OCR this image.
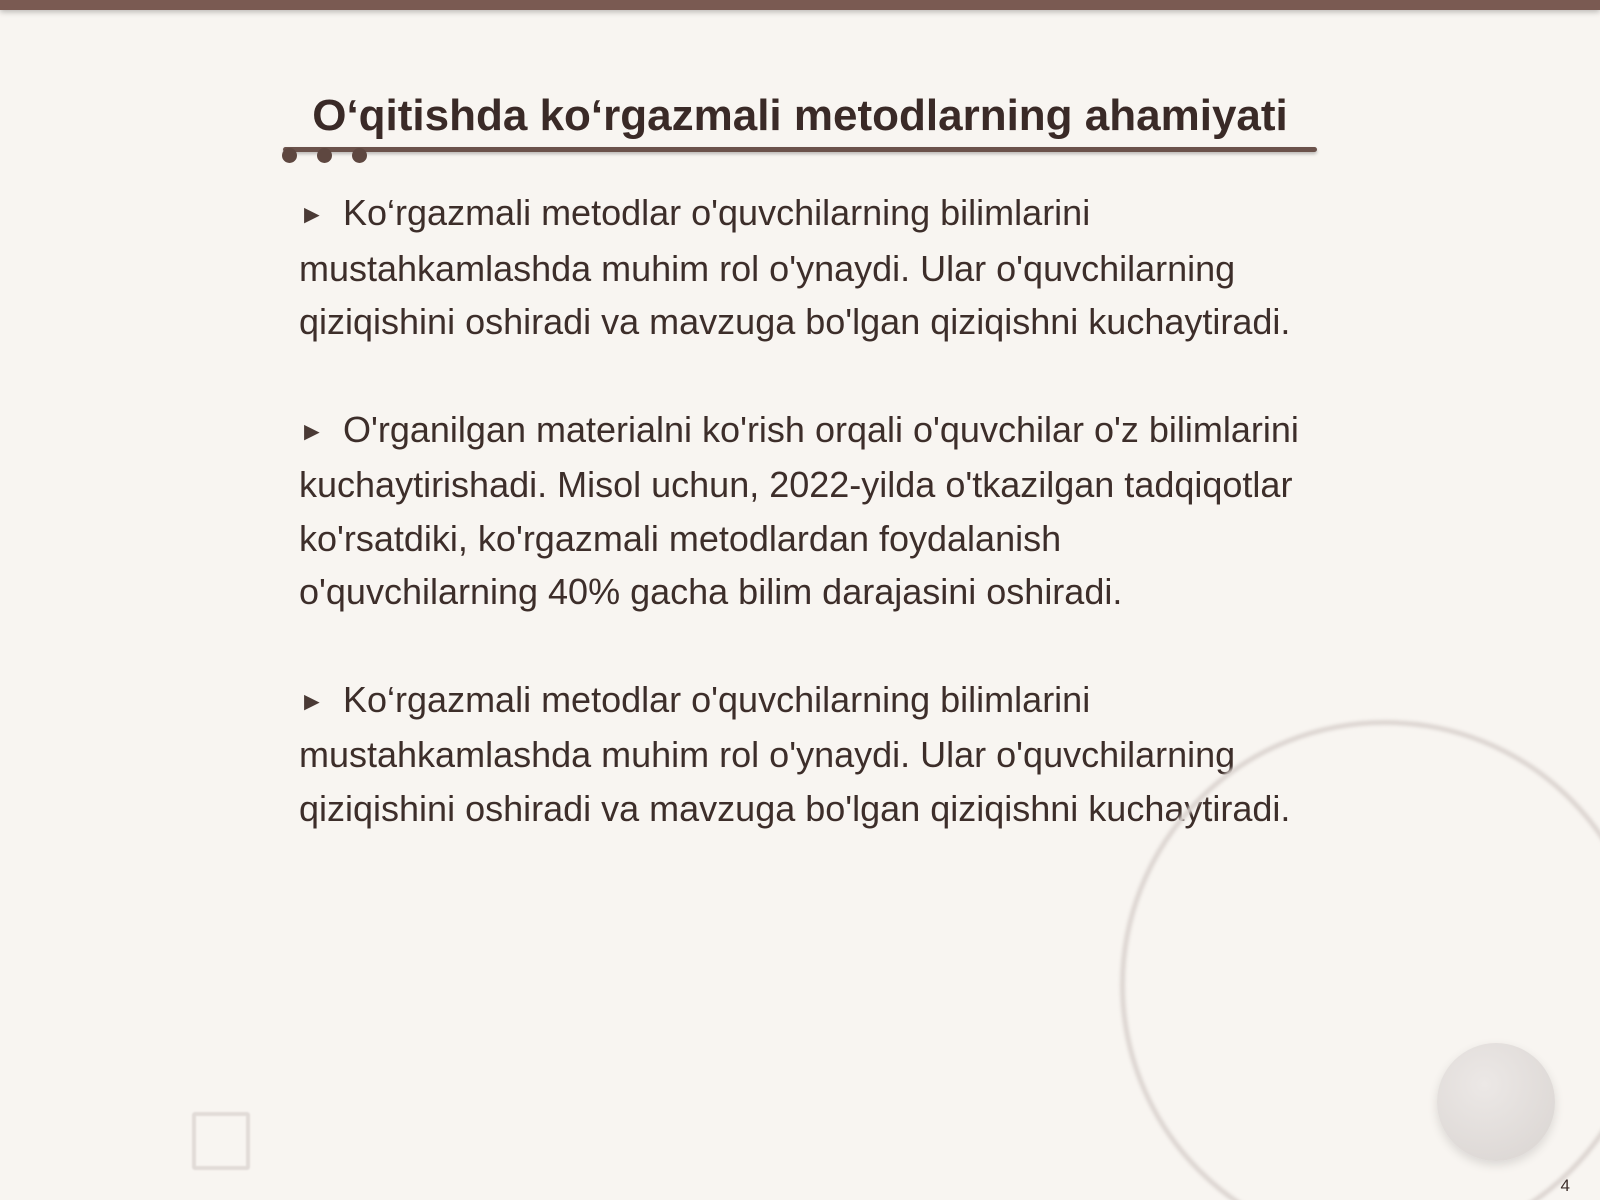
O‘qitishda ko‘rgazmali metodlarning ahamiyati

► Ko‘rgazmali metodlar o'quvchilarning bilimlarini mustahkamlashda muhim rol o'ynaydi. Ular o'quvchilarning qiziqishini oshiradi va mavzuga bo'lgan qiziqishni kuchaytiradi.

► O'rganilgan materialni ko'rish orqali o'quvchilar o'z bilimlarini kuchaytirishadi. Misol uchun, 2022-yilda o'tkazilgan tadqiqotlar ko'rsatdiki, ko'rgazmali metodlardan foydalanish o'quvchilarning 40% gacha bilim darajasini oshiradi.

► Ko‘rgazmali metodlar o'quvchilarning bilimlarini mustahkamlashda muhim rol o'ynaydi. Ular o'quvchilarning qiziqishini oshiradi va mavzuga bo'lgan qiziqishni kuchaytiradi.

4
